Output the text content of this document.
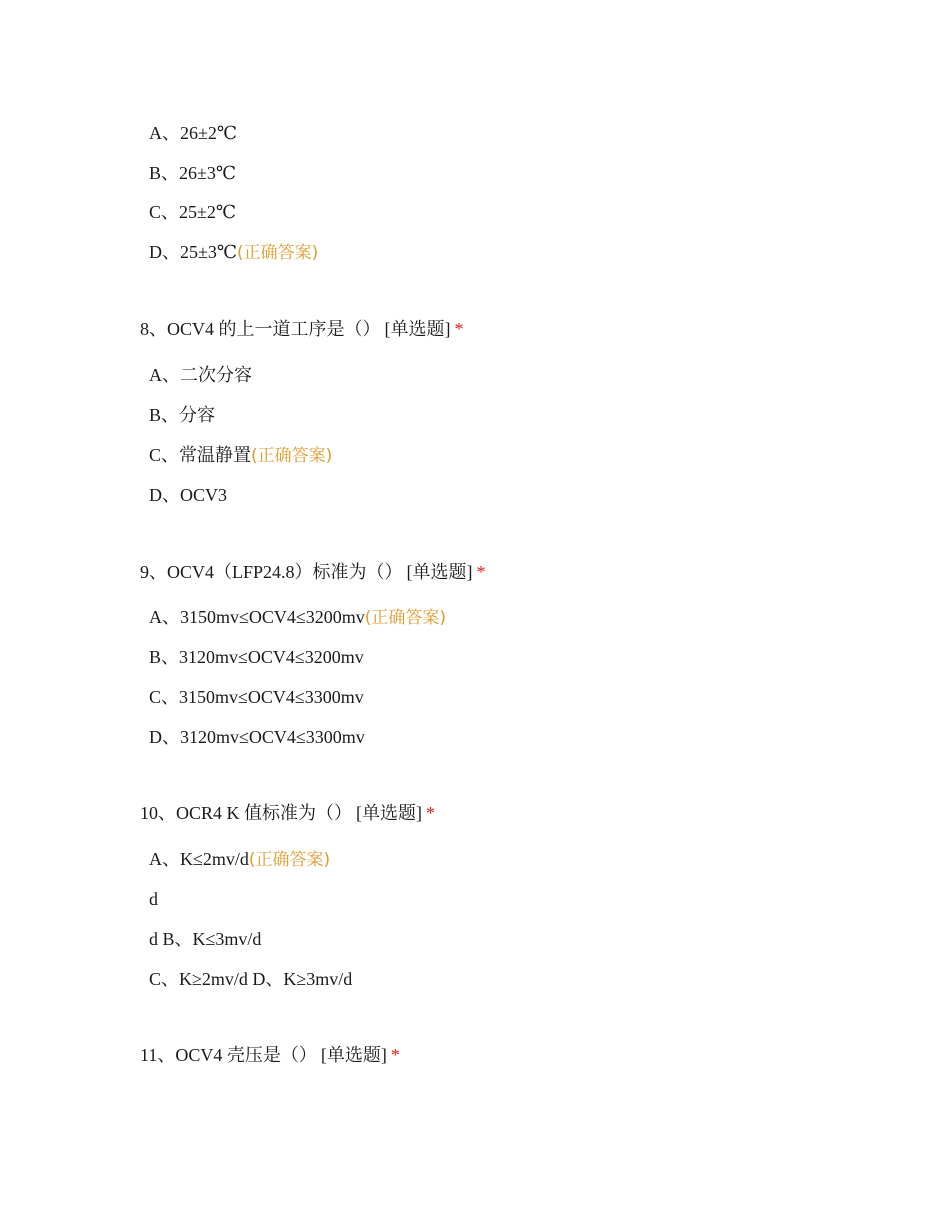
A、26±2℃
B、26±3℃
C、25±2℃
D、25±3℃(正确答案)
8、OCV4 的上一道工序是（） [单选题] *
A、二次分容
B、分容
C、常温静置(正确答案)
D、OCV3
9、OCV4（LFP24.8）标准为（） [单选题] *
A、3150mv≤OCV4≤3200mv(正确答案)
B、3120mv≤OCV4≤3200mv
C、3150mv≤OCV4≤3300mv
D、3120mv≤OCV4≤3300mv
10、OCR4 K 值标准为（） [单选题] *
A、K≤2mv/d(正确答案)
d
d B、K≤3mv/d
C、K≥2mv/d D、K≥3mv/d
11、OCV4 壳压是（） [单选题] *
